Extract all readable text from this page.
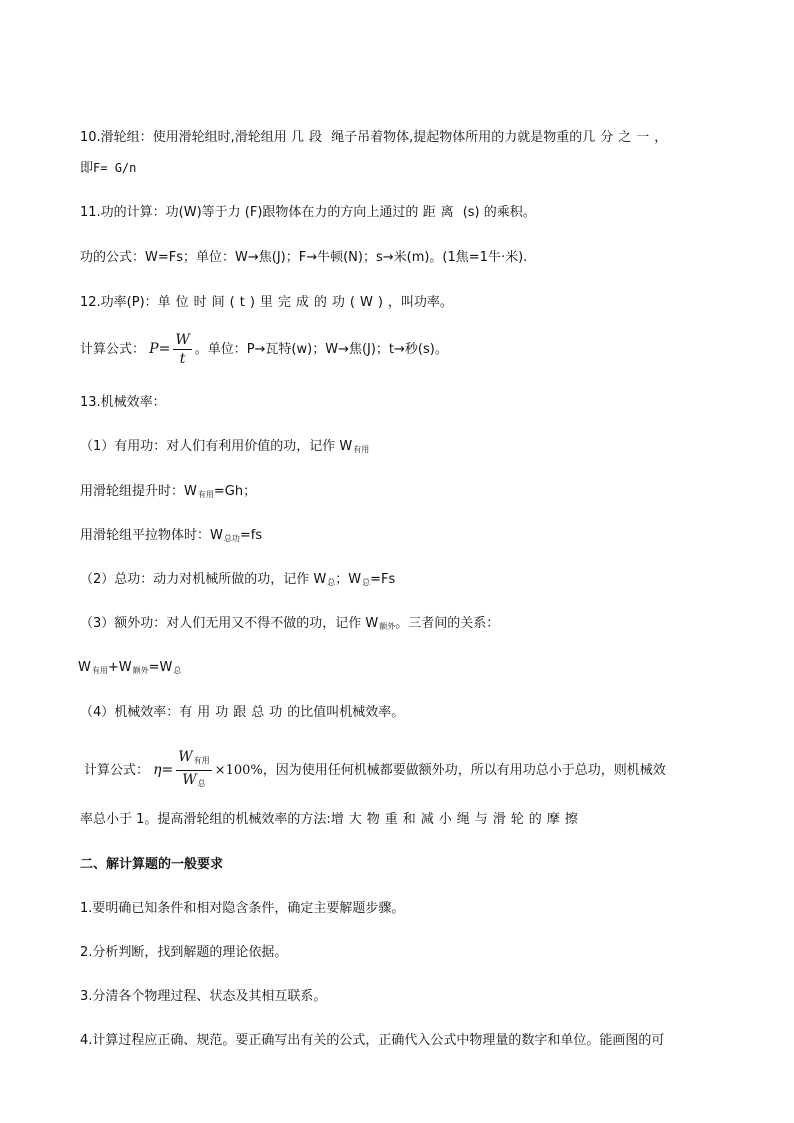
10.滑轮组：使用滑轮组时,滑轮组用 几段 绳子吊着物体,提起物体所用的力就是物重的几分之一，
即F= G/n
11.功的计算：功(W)等于力 (F)跟物体在力的方向上通过的 距离 (s) 的乘积。
功的公式：W=Fs；单位：W→焦(J)；F→牛顿(N)；s→米(m)。(1焦=1牛·米).
12.功率(P)：单位时间(t)里完成的功(W)，叫功率。
计算公式： $P= \frac{W}{t}$ 。单位：P→瓦特(w)；W→焦(J)；t→秒(s)。
13.机械效率：
（1）有用功：对人们有利用价值的功，记作 $W_{有用}$
用滑轮组提升时：$W_{有用}=Gh$；
用滑轮组平拉物体时：$W_{总功}=fs$
（2）总功：动力对机械所做的功，记作 $W_总$；$W_总=Fs$
（3）额外功：对人们无用又不得不做的功，记作 $W_{额外}$。三者间的关系：
$W_{有用}+W_{额外}=W_总$
（4）机械效率：有用功跟总功的比值叫机械效率。
计算公式： $\eta= \frac{W_{有用}}{W_总} \times 100\%$，因为使用任何机械都要做额外功，所以有用功总小于总功，则机械效
率总小于 1。提高滑轮组的机械效率的方法:增大物重和减小绳与滑轮的摩擦
二、解计算题的一般要求
1.要明确已知条件和相对隐含条件，确定主要解题步骤。
2.分析判断，找到解题的理论依据。
3.分清各个物理过程、状态及其相互联系。
4.计算过程应正确、规范。要正确写出有关的公式，正确代入公式中物理量的数字和单位。能画图的可
